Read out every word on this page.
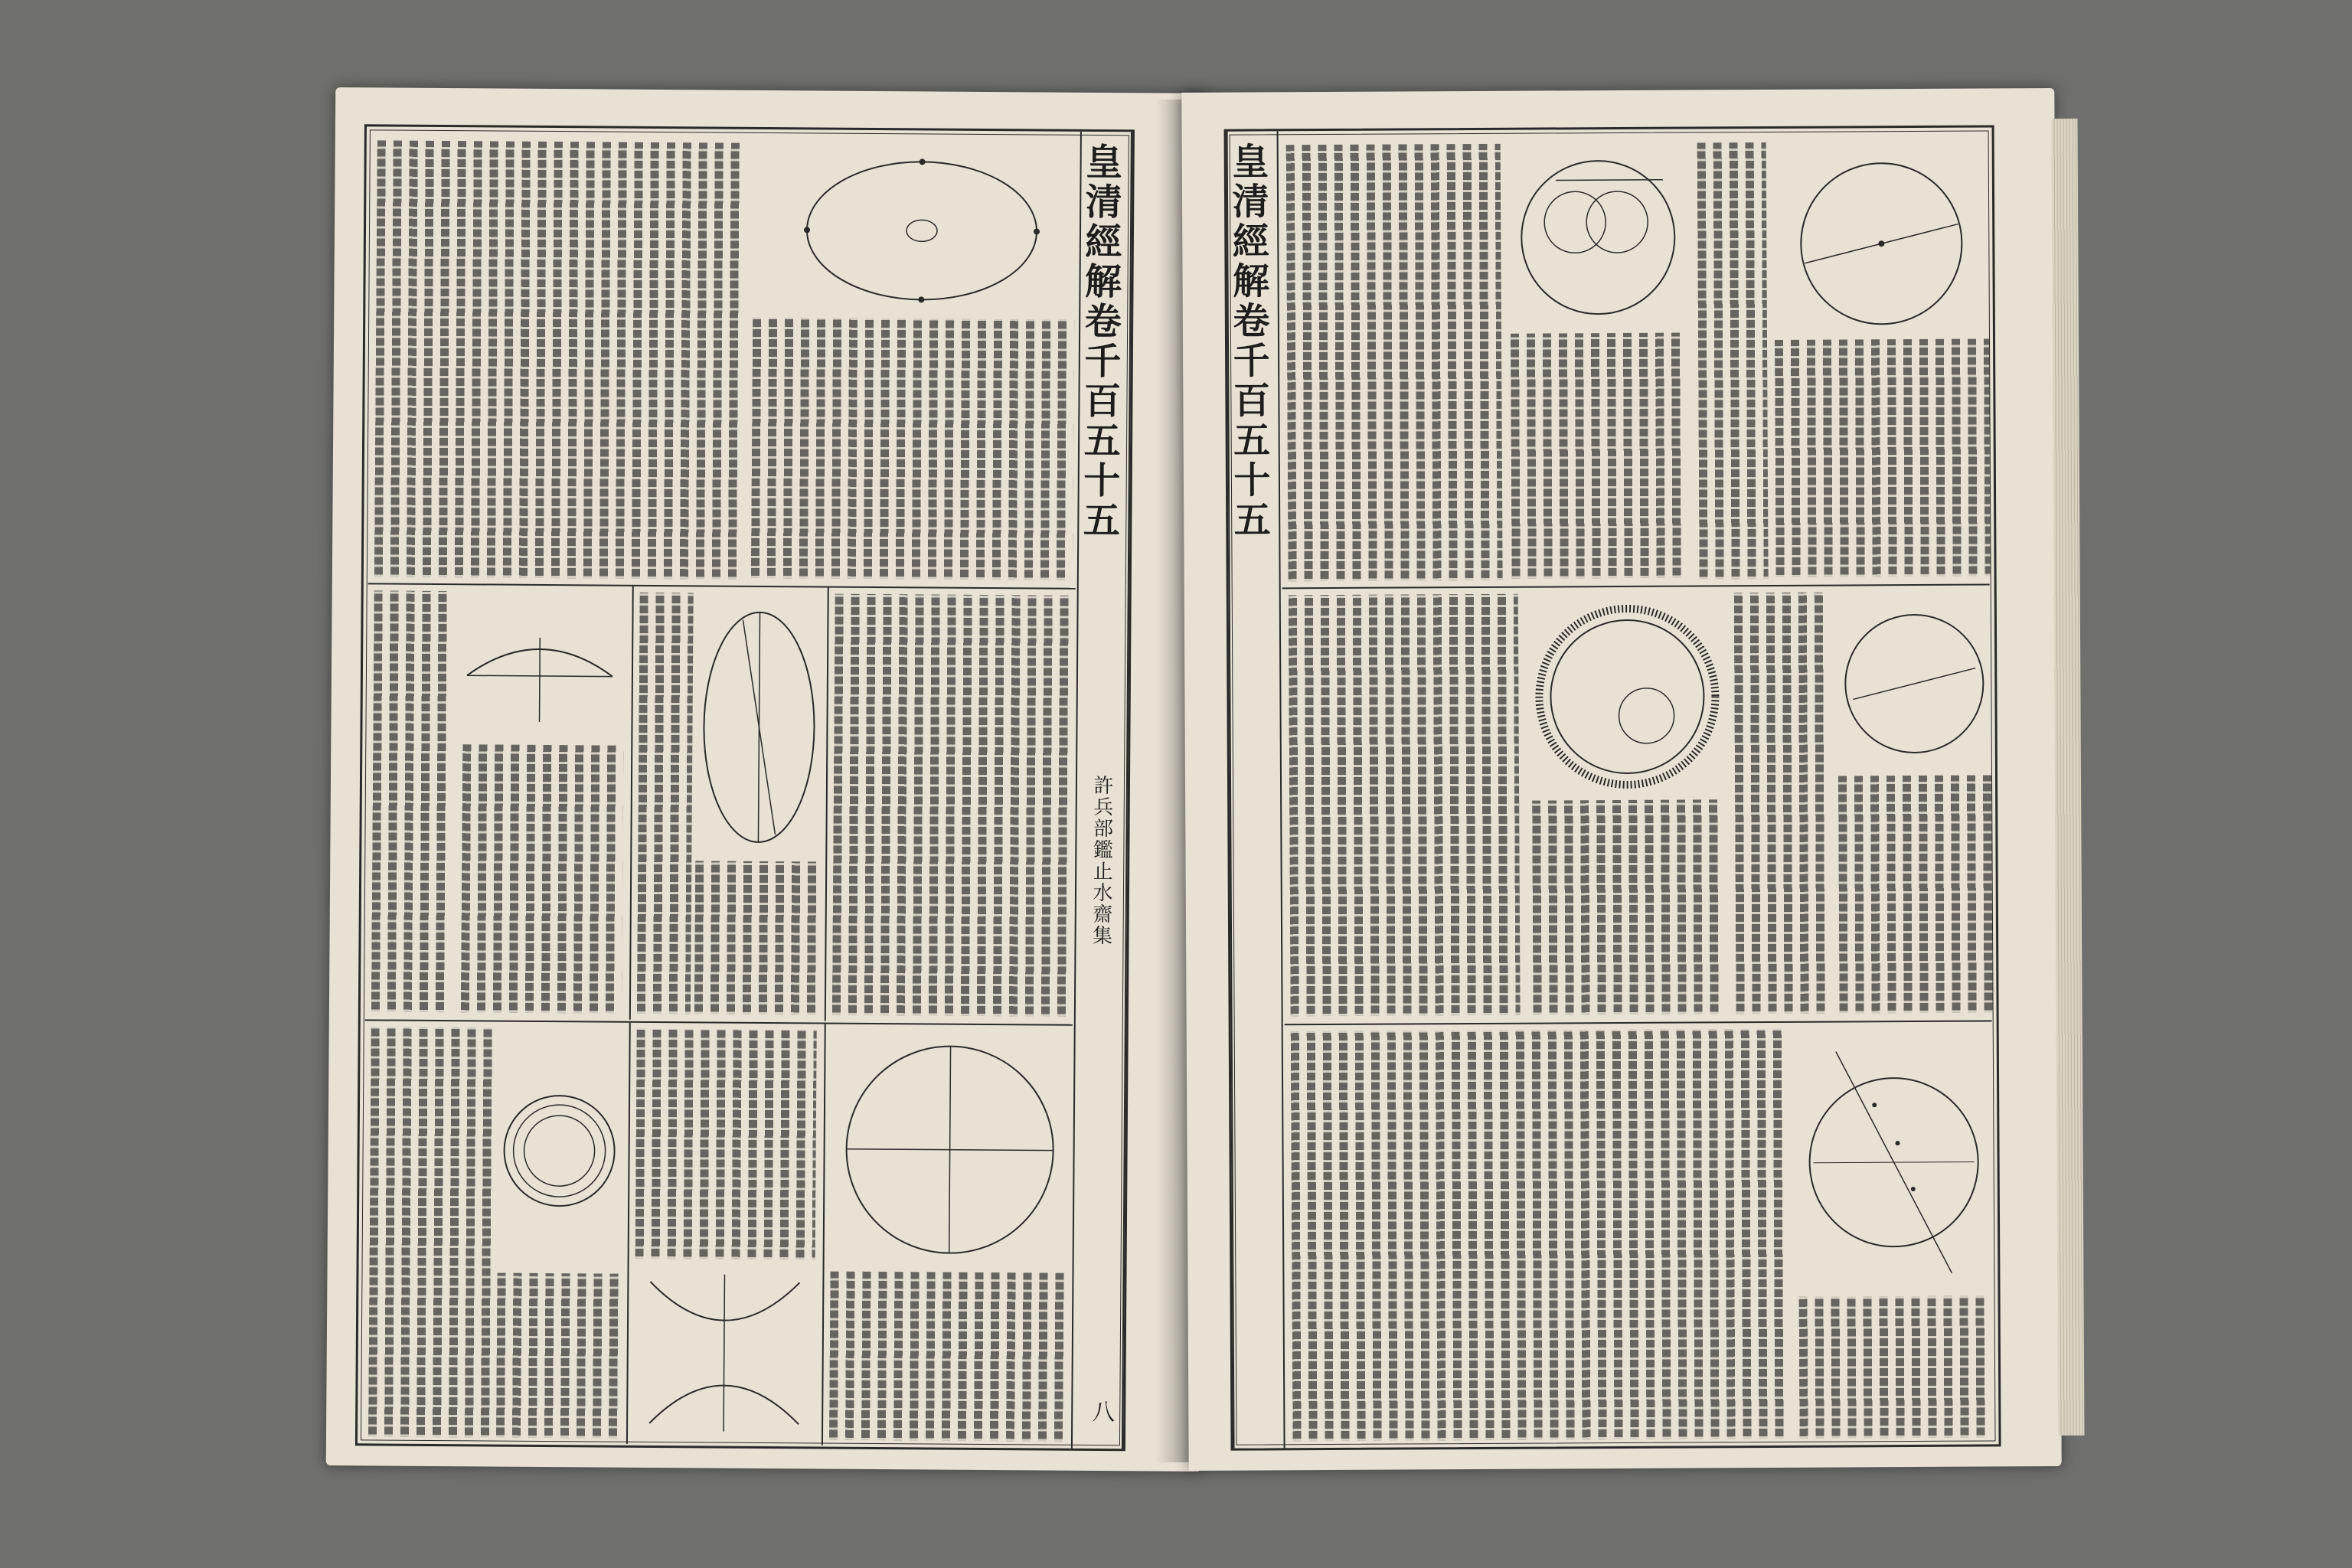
皇清經解卷千百五十五
許兵部鑑止水齋集
八
皇清經解卷千百五十五
